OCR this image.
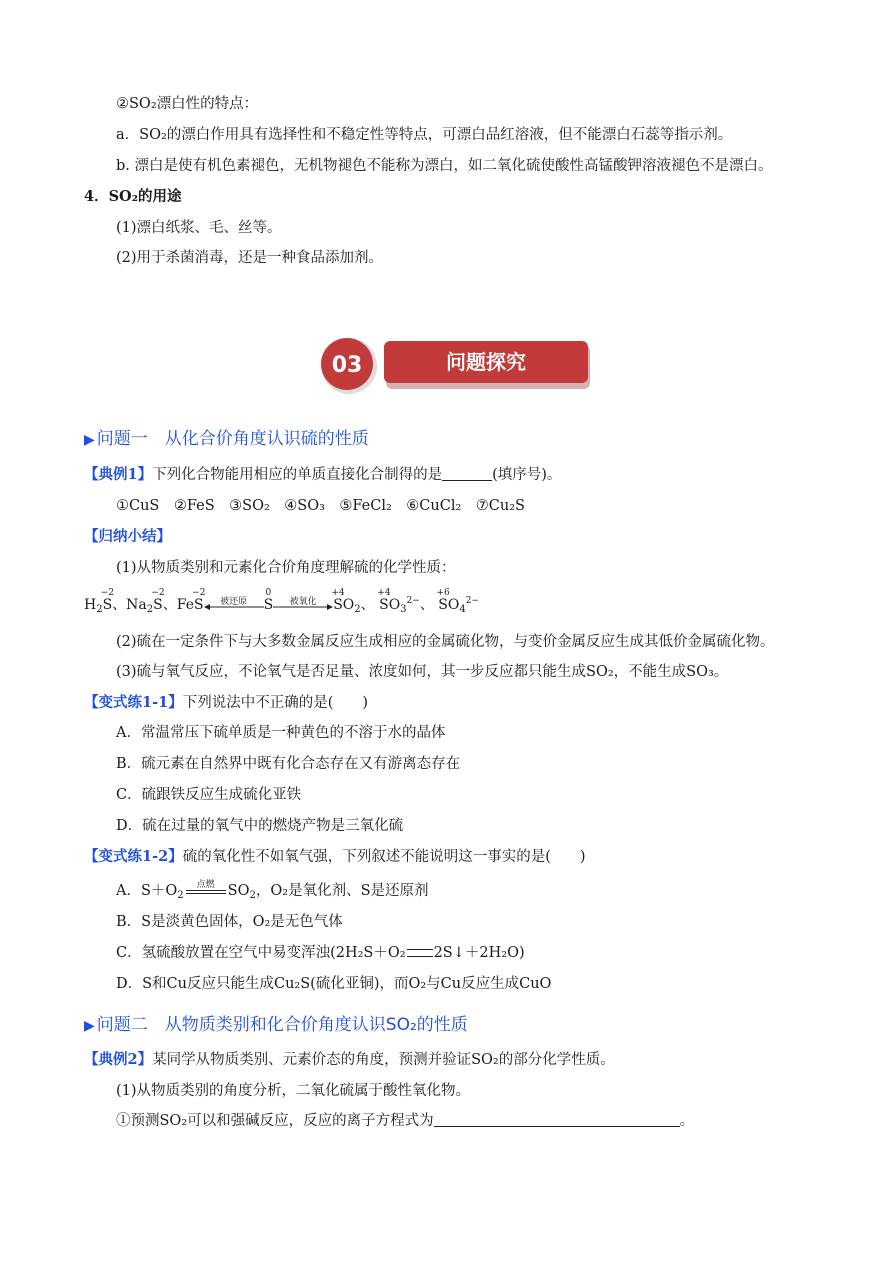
②SO₂漂白性的特点：
a．SO₂的漂白作用具有选择性和不稳定性等特点，可漂白品红溶液，但不能漂白石蕊等指示剂。
b. 漂白是使有机色素褪色，无机物褪色不能称为漂白，如二氧化硫使酸性高锰酸钾溶液褪色不是漂白。
4．SO₂的用途
(1)漂白纸浆、毛、丝等。
(2)用于杀菌消毒，还是一种食品添加剂。
03	问题探究
▶ 问题一　从化合价角度认识硫的性质
【典例1】下列化合物能用相应的单质直接化合制得的是	(填序号)。
①CuS　②FeS　③SO₂　④SO₃　⑤FeCl₂　⑥CuCl₂　⑦Cu₂S
【归纳小结】
(1)从物质类别和元素化合价角度理解硫的化学性质：
$H_2S$
−2
、$Na_2S$
−2
、FeS
−2
被还原	S
0
被氧化	S
+4
$O_2$、 S
+4
$O_3^{2-}$、 S
+6
$O_4^{2-}$
(2)硫在一定条件下与大多数金属反应生成相应的金属硫化物，与变价金属反应生成其低价金属硫化物。
(3)硫与氧气反应，不论氧气是否足量、浓度如何，其一步反应都只能生成SO₂，不能生成SO₃。
【变式练1-1】下列说法中不正确的是(　　)
A．常温常压下硫单质是一种黄色的不溶于水的晶体
B．硫元素在自然界中既有化合态存在又有游离态存在
C．硫跟铁反应生成硫化亚铁
D．硫在过量的氧气中的燃烧产物是三氧化硫
【变式练1-2】硫的氧化性不如氧气强，下列叙述不能说明这一事实的是(　　)
A．$S+O_2$
点燃 $SO_2$，O₂是氧化剂、S是还原剂
B．S是淡黄色固体，O₂是无色气体
C．氢硫酸放置在空气中易变浑浊(2H₂S＋O₂ 2S↓＋2H₂O)
D．S和Cu反应只能生成Cu₂S(硫化亚铜)，而O₂与Cu反应生成CuO
▶ 问题二　从物质类别和化合价角度认识SO₂的性质
【典例2】某同学从物质类别、元素价态的角度，预测并验证SO₂的部分化学性质。
(1)从物质类别的角度分析，二氧化硫属于酸性氧化物。
①预测SO₂可以和强碱反应，反应的离子方程式为	。
